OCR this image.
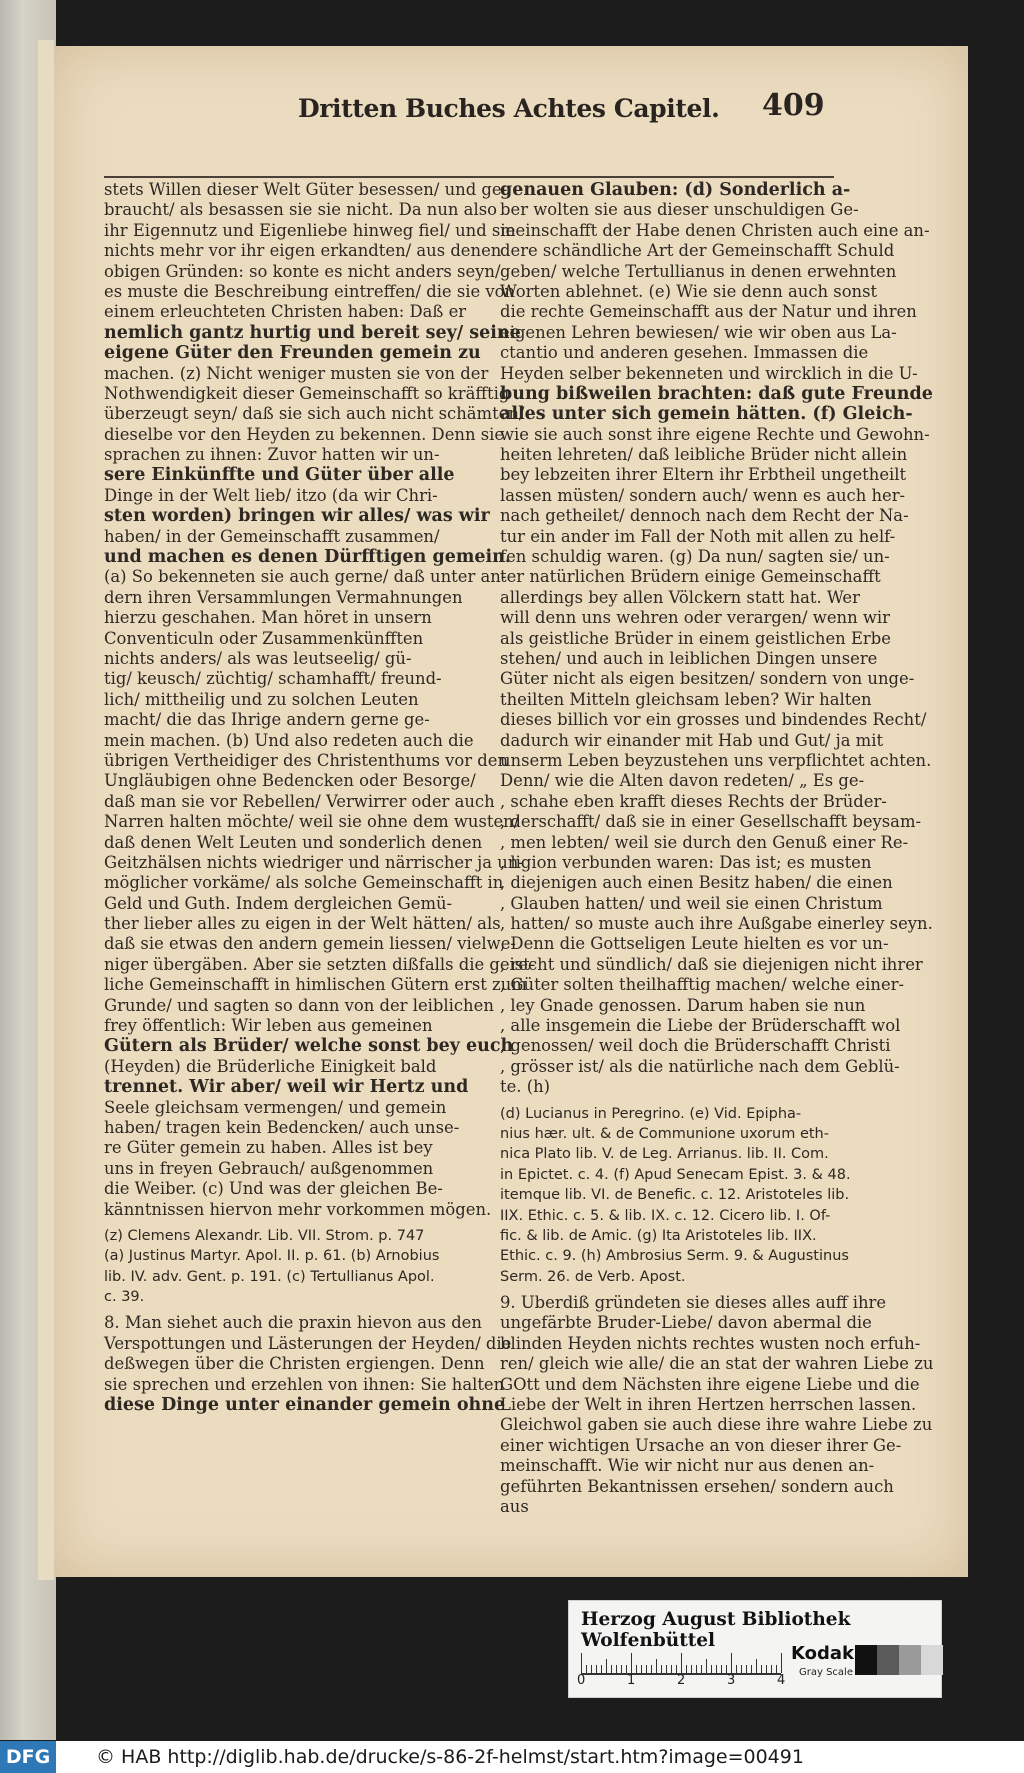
Dritten Buches Achtes Capitel. 409
stets Willen dieser Welt Güter besessen/ und ge-
braucht/ als besassen sie sie nicht. Da nun also
ihr Eigennutz und Eigenliebe hinweg fiel/ und sie
nichts mehr vor ihr eigen erkandten/ aus denen
obigen Gründen: so konte es nicht anders seyn/
es muste die Beschreibung eintreffen/ die sie von
einem erleuchteten Christen haben: Daß er
nemlich gantz hurtig und bereit sey/ seine
eigene Güter den Freunden gemein zu
machen. (z) Nicht weniger musten sie von der
Nothwendigkeit dieser Gemeinschafft so kräfftig
überzeugt seyn/ daß sie sich auch nicht schämten/
dieselbe vor den Heyden zu bekennen. Denn sie
sprachen zu ihnen: Zuvor hatten wir un-
sere Einkünffte und Güter über alle
Dinge in der Welt lieb/ itzo (da wir Chri-
sten worden) bringen wir alles/ was wir
haben/ in der Gemeinschafft zusammen/
und machen es denen Dürfftigen gemein.
(a) So bekenneten sie auch gerne/ daß unter an-
dern ihren Versammlungen Vermahnungen
hierzu geschahen. Man höret in unsern
Conventiculn oder Zusammenkünfften
nichts anders/ als was leutseelig/ gü-
tig/ keusch/ züchtig/ schamhafft/ freund-
lich/ mittheilig und zu solchen Leuten
macht/ die das Ihrige andern gerne ge-
mein machen. (b) Und also redeten auch die
übrigen Vertheidiger des Christenthums vor den
Ungläubigen ohne Bedencken oder Besorge/
daß man sie vor Rebellen/ Verwirrer oder auch
Narren halten möchte/ weil sie ohne dem wusten/
daß denen Welt Leuten und sonderlich denen
Geitzhälsen nichts wiedriger und närrischer ja un-
möglicher vorkäme/ als solche Gemeinschafft in
Geld und Guth. Indem dergleichen Gemü-
ther lieber alles zu eigen in der Welt hätten/ als
daß sie etwas den andern gemein liessen/ vielwe-
niger übergäben. Aber sie setzten dißfalls die geist-
liche Gemeinschafft in himlischen Gütern erst zum
Grunde/ und sagten so dann von der leiblichen
frey öffentlich: Wir leben aus gemeinen
Gütern als Brüder/ welche sonst bey euch
(Heyden) die Brüderliche Einigkeit bald
trennet. Wir aber/ weil wir Hertz und
Seele gleichsam vermengen/ und gemein
haben/ tragen kein Bedencken/ auch unse-
re Güter gemein zu haben. Alles ist bey
uns in freyen Gebrauch/ außgenommen
die Weiber. (c) Und was der gleichen Be-
känntnissen hiervon mehr vorkommen mögen.
(z) Clemens Alexandr. Lib. VII. Strom. p. 747
(a) Justinus Martyr. Apol. II. p. 61. (b) Arnobius
lib. IV. adv. Gent. p. 191. (c) Tertullianus Apol.
c. 39.
8. Man siehet auch die praxin hievon aus den
Verspottungen und Lästerungen der Heyden/ die
deßwegen über die Christen ergiengen. Denn
sie sprechen und erzehlen von ihnen: Sie halten
diese Dinge unter einander gemein ohne
genauen Glauben: (d) Sonderlich a-
ber wolten sie aus dieser unschuldigen Ge-
meinschafft der Habe denen Christen auch eine an-
dere schändliche Art der Gemeinschafft Schuld
geben/ welche Tertullianus in denen erwehnten
Worten ablehnet. (e) Wie sie denn auch sonst
die rechte Gemeinschafft aus der Natur und ihren
eigenen Lehren bewiesen/ wie wir oben aus La-
ctantio und anderen gesehen. Immassen die
Heyden selber bekenneten und wircklich in die U-
bung bißweilen brachten: daß gute Freunde
alles unter sich gemein hätten. (f) Gleich-
wie sie auch sonst ihre eigene Rechte und Gewohn-
heiten lehreten/ daß leibliche Brüder nicht allein
bey lebzeiten ihrer Eltern ihr Erbtheil ungetheilt
lassen müsten/ sondern auch/ wenn es auch her-
nach getheilet/ dennoch nach dem Recht der Na-
tur ein ander im Fall der Noth mit allen zu helf-
fen schuldig waren. (g) Da nun/ sagten sie/ un-
ter natürlichen Brüdern einige Gemeinschafft
allerdings bey allen Völckern statt hat. Wer
will denn uns wehren oder verargen/ wenn wir
als geistliche Brüder in einem geistlichen Erbe
stehen/ und auch in leiblichen Dingen unsere
Güter nicht als eigen besitzen/ sondern von unge-
theilten Mitteln gleichsam leben? Wir halten
dieses billich vor ein grosses und bindendes Recht/
dadurch wir einander mit Hab und Gut/ ja mit
unserm Leben beyzustehen uns verpflichtet achten.
Denn/ wie die Alten davon redeten/ „ Es ge-
, schahe eben krafft dieses Rechts der Brüder-
, derschafft/ daß sie in einer Gesellschafft beysam-
, men lebten/ weil sie durch den Genuß einer Re-
, ligion verbunden waren: Das ist; es musten
, diejenigen auch einen Besitz haben/ die einen
, Glauben hatten/ und weil sie einen Christum
, hatten/ so muste auch ihre Außgabe einerley seyn.
, Denn die Gottseligen Leute hielten es vor un-
, recht und sündlich/ daß sie diejenigen nicht ihrer
, Güter solten theilhafftig machen/ welche einer-
, ley Gnade genossen. Darum haben sie nun
, alle insgemein die Liebe der Brüderschafft wol
, genossen/ weil doch die Brüderschafft Christi
, grösser ist/ als die natürliche nach dem Geblü-
te. (h)
(d) Lucianus in Peregrino. (e) Vid. Epipha-
nius hær. ult. & de Communione uxorum eth-
nica Plato lib. V. de Leg. Arrianus. lib. II. Com.
in Epictet. c. 4. (f) Apud Senecam Epist. 3. & 48.
itemque lib. VI. de Benefic. c. 12. Aristoteles lib.
IIX. Ethic. c. 5. & lib. IX. c. 12. Cicero lib. I. Of-
fic. & lib. de Amic. (g) Ita Aristoteles lib. IIX.
Ethic. c. 9. (h) Ambrosius Serm. 9. & Augustinus
Serm. 26. de Verb. Apost.
9. Uberdiß gründeten sie dieses alles auff ihre
ungefärbte Bruder-Liebe/ davon abermal die
blinden Heyden nichts rechtes wusten noch erfuh-
ren/ gleich wie alle/ die an stat der wahren Liebe zu
GOtt und dem Nächsten ihre eigene Liebe und die
Liebe der Welt in ihren Hertzen herrschen lassen.
Gleichwol gaben sie auch diese ihre wahre Liebe zu
einer wichtigen Ursache an von dieser ihrer Ge-
meinschafft. Wie wir nicht nur aus denen an-
geführten Bekantnissen ersehen/ sondern auch
aus
Herzog August Bibliothek Wolfenbüttel
Kodak
Gray Scale
0	1	2	3	4
DFG	© HAB http://diglib.hab.de/drucke/s-86-2f-helmst/start.htm?image=00491
